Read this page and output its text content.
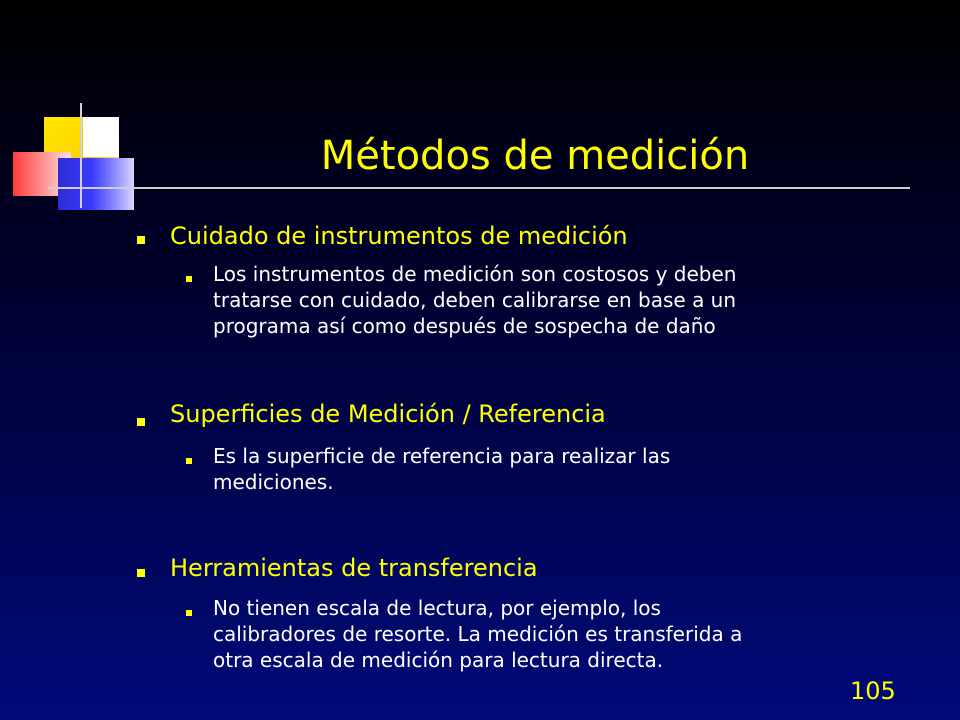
Métodos de medición
Cuidado de instrumentos de medición
Los instrumentos de medición son costosos y deben
tratarse con cuidado, deben calibrarse en base a un
programa así como después de sospecha de daño
Superficies de Medición / Referencia
Es la superficie de referencia para realizar las
mediciones.
Herramientas de transferencia
No tienen escala de lectura, por ejemplo, los
calibradores de resorte. La medición es transferida a
otra escala de medición para lectura directa.
105
